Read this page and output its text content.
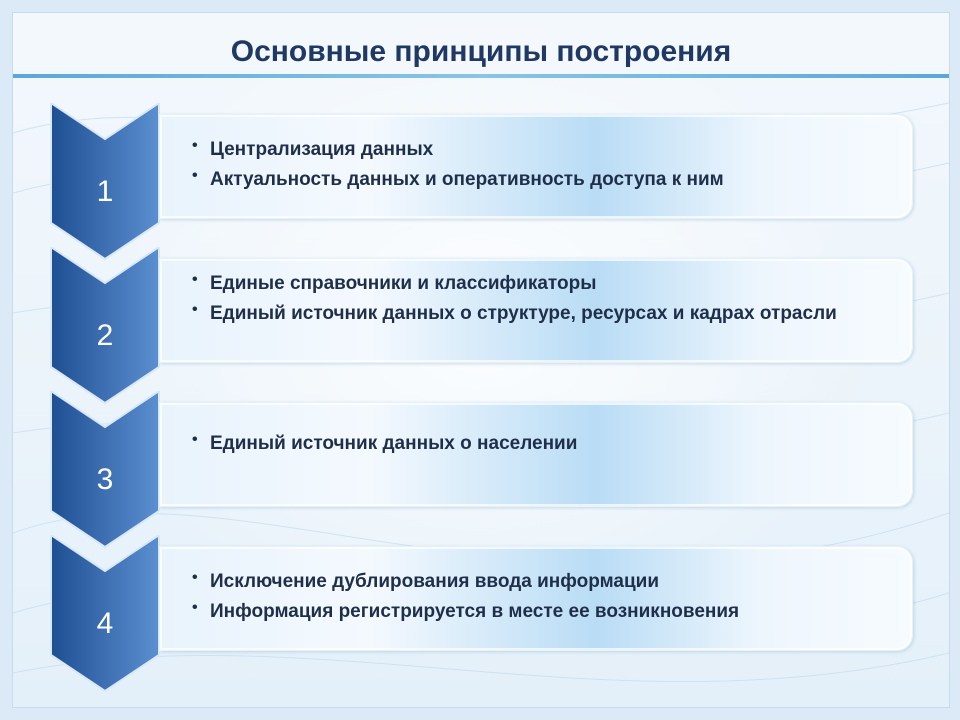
Основные принципы построения
1
• Централизация данных
• Актуальность данных и оперативность доступа к ним
2
• Единые справочники и классификаторы
• Единый источник данных о структуре, ресурсах и кадрах отрасли
3
• Единый источник данных о населении
4
• Исключение дублирования ввода информации
• Информация регистрируется в месте ее возникновения
